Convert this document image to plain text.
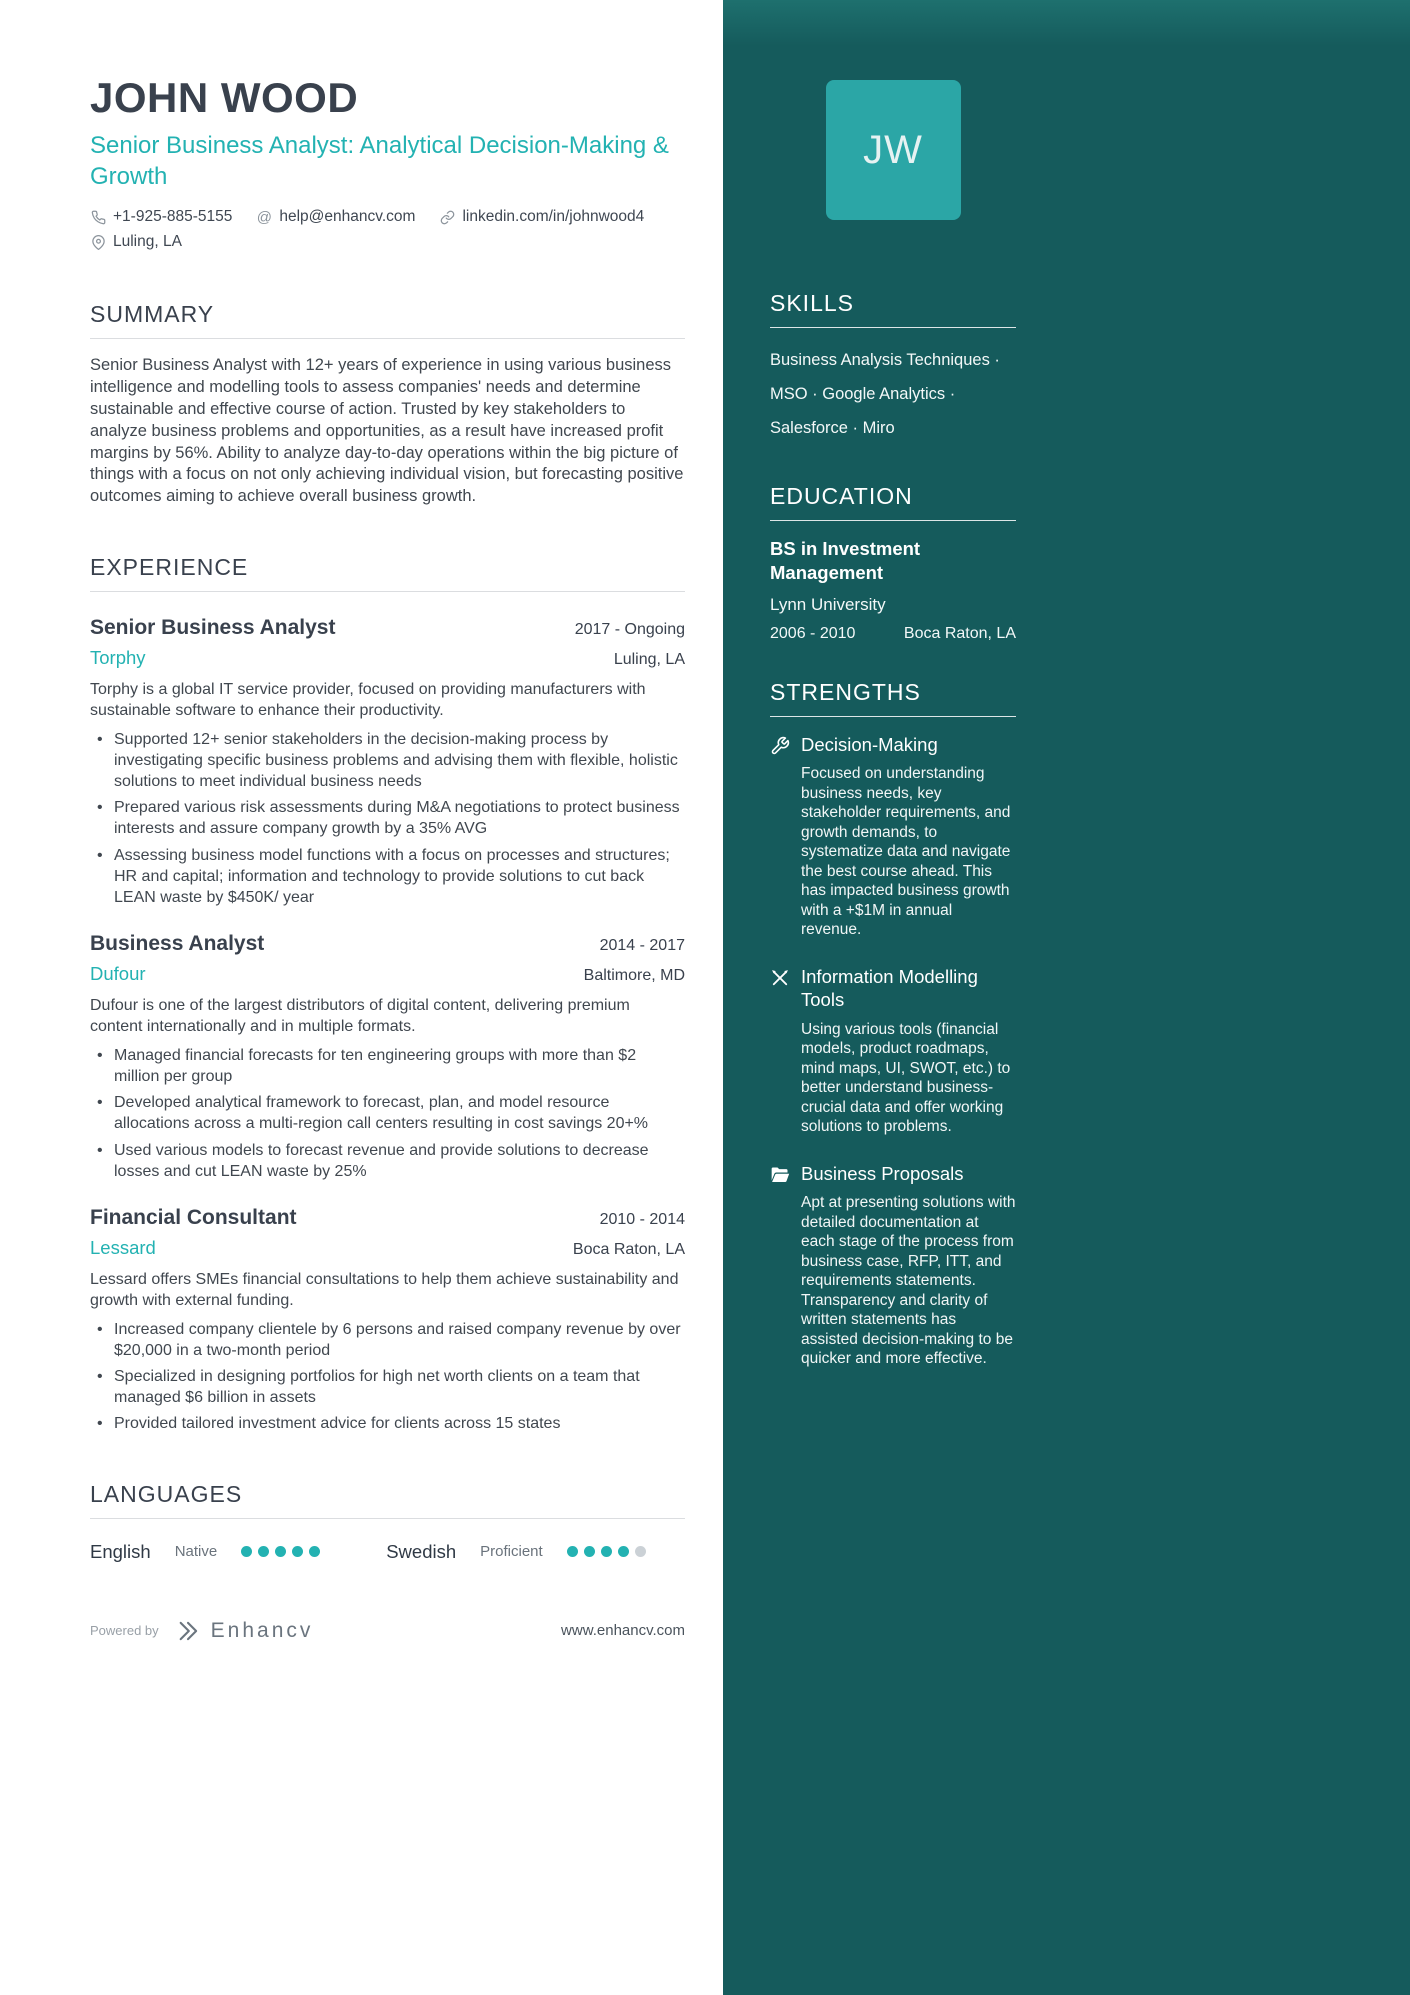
JOHN WOOD
Senior Business Analyst: Analytical Decision-Making & Growth
+1-925-885-5155 @	help@enhancv.com	linkedin.com/in/johnwood4
Luling, LA
SUMMARY

Senior Business Analyst with 12+ years of experience in using various business intelligence and modelling tools to assess companies' needs and determine sustainable and effective course of action. Trusted by key stakeholders to analyze business problems and opportunities, as a result have increased profit margins by 56%. Ability to analyze day-to-day operations within the big picture of things with a focus on not only achieving individual vision, but forecasting positive outcomes aiming to achieve overall business growth.

EXPERIENCE
Senior Business Analyst	2017 - Ongoing
Torphy	Luling, LA

Torphy is a global IT service provider, focused on providing manufacturers with sustainable software to enhance their productivity.

• Supported 12+ senior stakeholders in the decision-making process by investigating specific business problems and advising them with flexible, holistic solutions to meet individual business needs
• Prepared various risk assessments during M&A negotiations to protect business interests and assure company growth by a 35% AVG
• Assessing business model functions with a focus on processes and structures; HR and capital; information and technology to provide solutions to cut back LEAN waste by $450K/ year
Business Analyst	2014 - 2017
Dufour	Baltimore, MD

Dufour is one of the largest distributors of digital content, delivering premium content internationally and in multiple formats.

• Managed financial forecasts for ten engineering groups with more than $2 million per group
• Developed analytical framework to forecast, plan, and model resource allocations across a multi-region call centers resulting in cost savings 20+%
• Used various models to forecast revenue and provide solutions to decrease losses and cut LEAN waste by 25%
Financial Consultant	2010 - 2014
Lessard	Boca Raton, LA

Lessard offers SMEs financial consultations to help them achieve sustainability and growth with external funding.

• Increased company clientele by 6 persons and raised company revenue by over $20,000 in a two-month period
• Specialized in designing portfolios for high net worth clients on a team that managed $6 billion in assets
• Provided tailored investment advice for clients across 15 states
LANGUAGES
English Native	Swedish Proficient
Powered by Enhancv	www.enhancv.com
JW
SKILLS

Business Analysis Techniques · MSO · Google Analytics · Salesforce · Miro

EDUCATION
BS in Investment Management
Lynn University
2006 - 2010	Boca Raton, LA
STRENGTHS
Decision-Making
Focused on understanding business needs, key stakeholder requirements, and growth demands, to systematize data and navigate the best course ahead. This has impacted business growth with a +$1M in annual revenue.
Information Modelling Tools
Using various tools (financial models, product roadmaps, mind maps, UI, SWOT, etc.) to better understand business-crucial data and offer working solutions to problems.
Business Proposals
Apt at presenting solutions with detailed documentation at each stage of the process from business case, RFP, ITT, and requirements statements. Transparency and clarity of written statements has assisted decision-making to be quicker and more effective.
